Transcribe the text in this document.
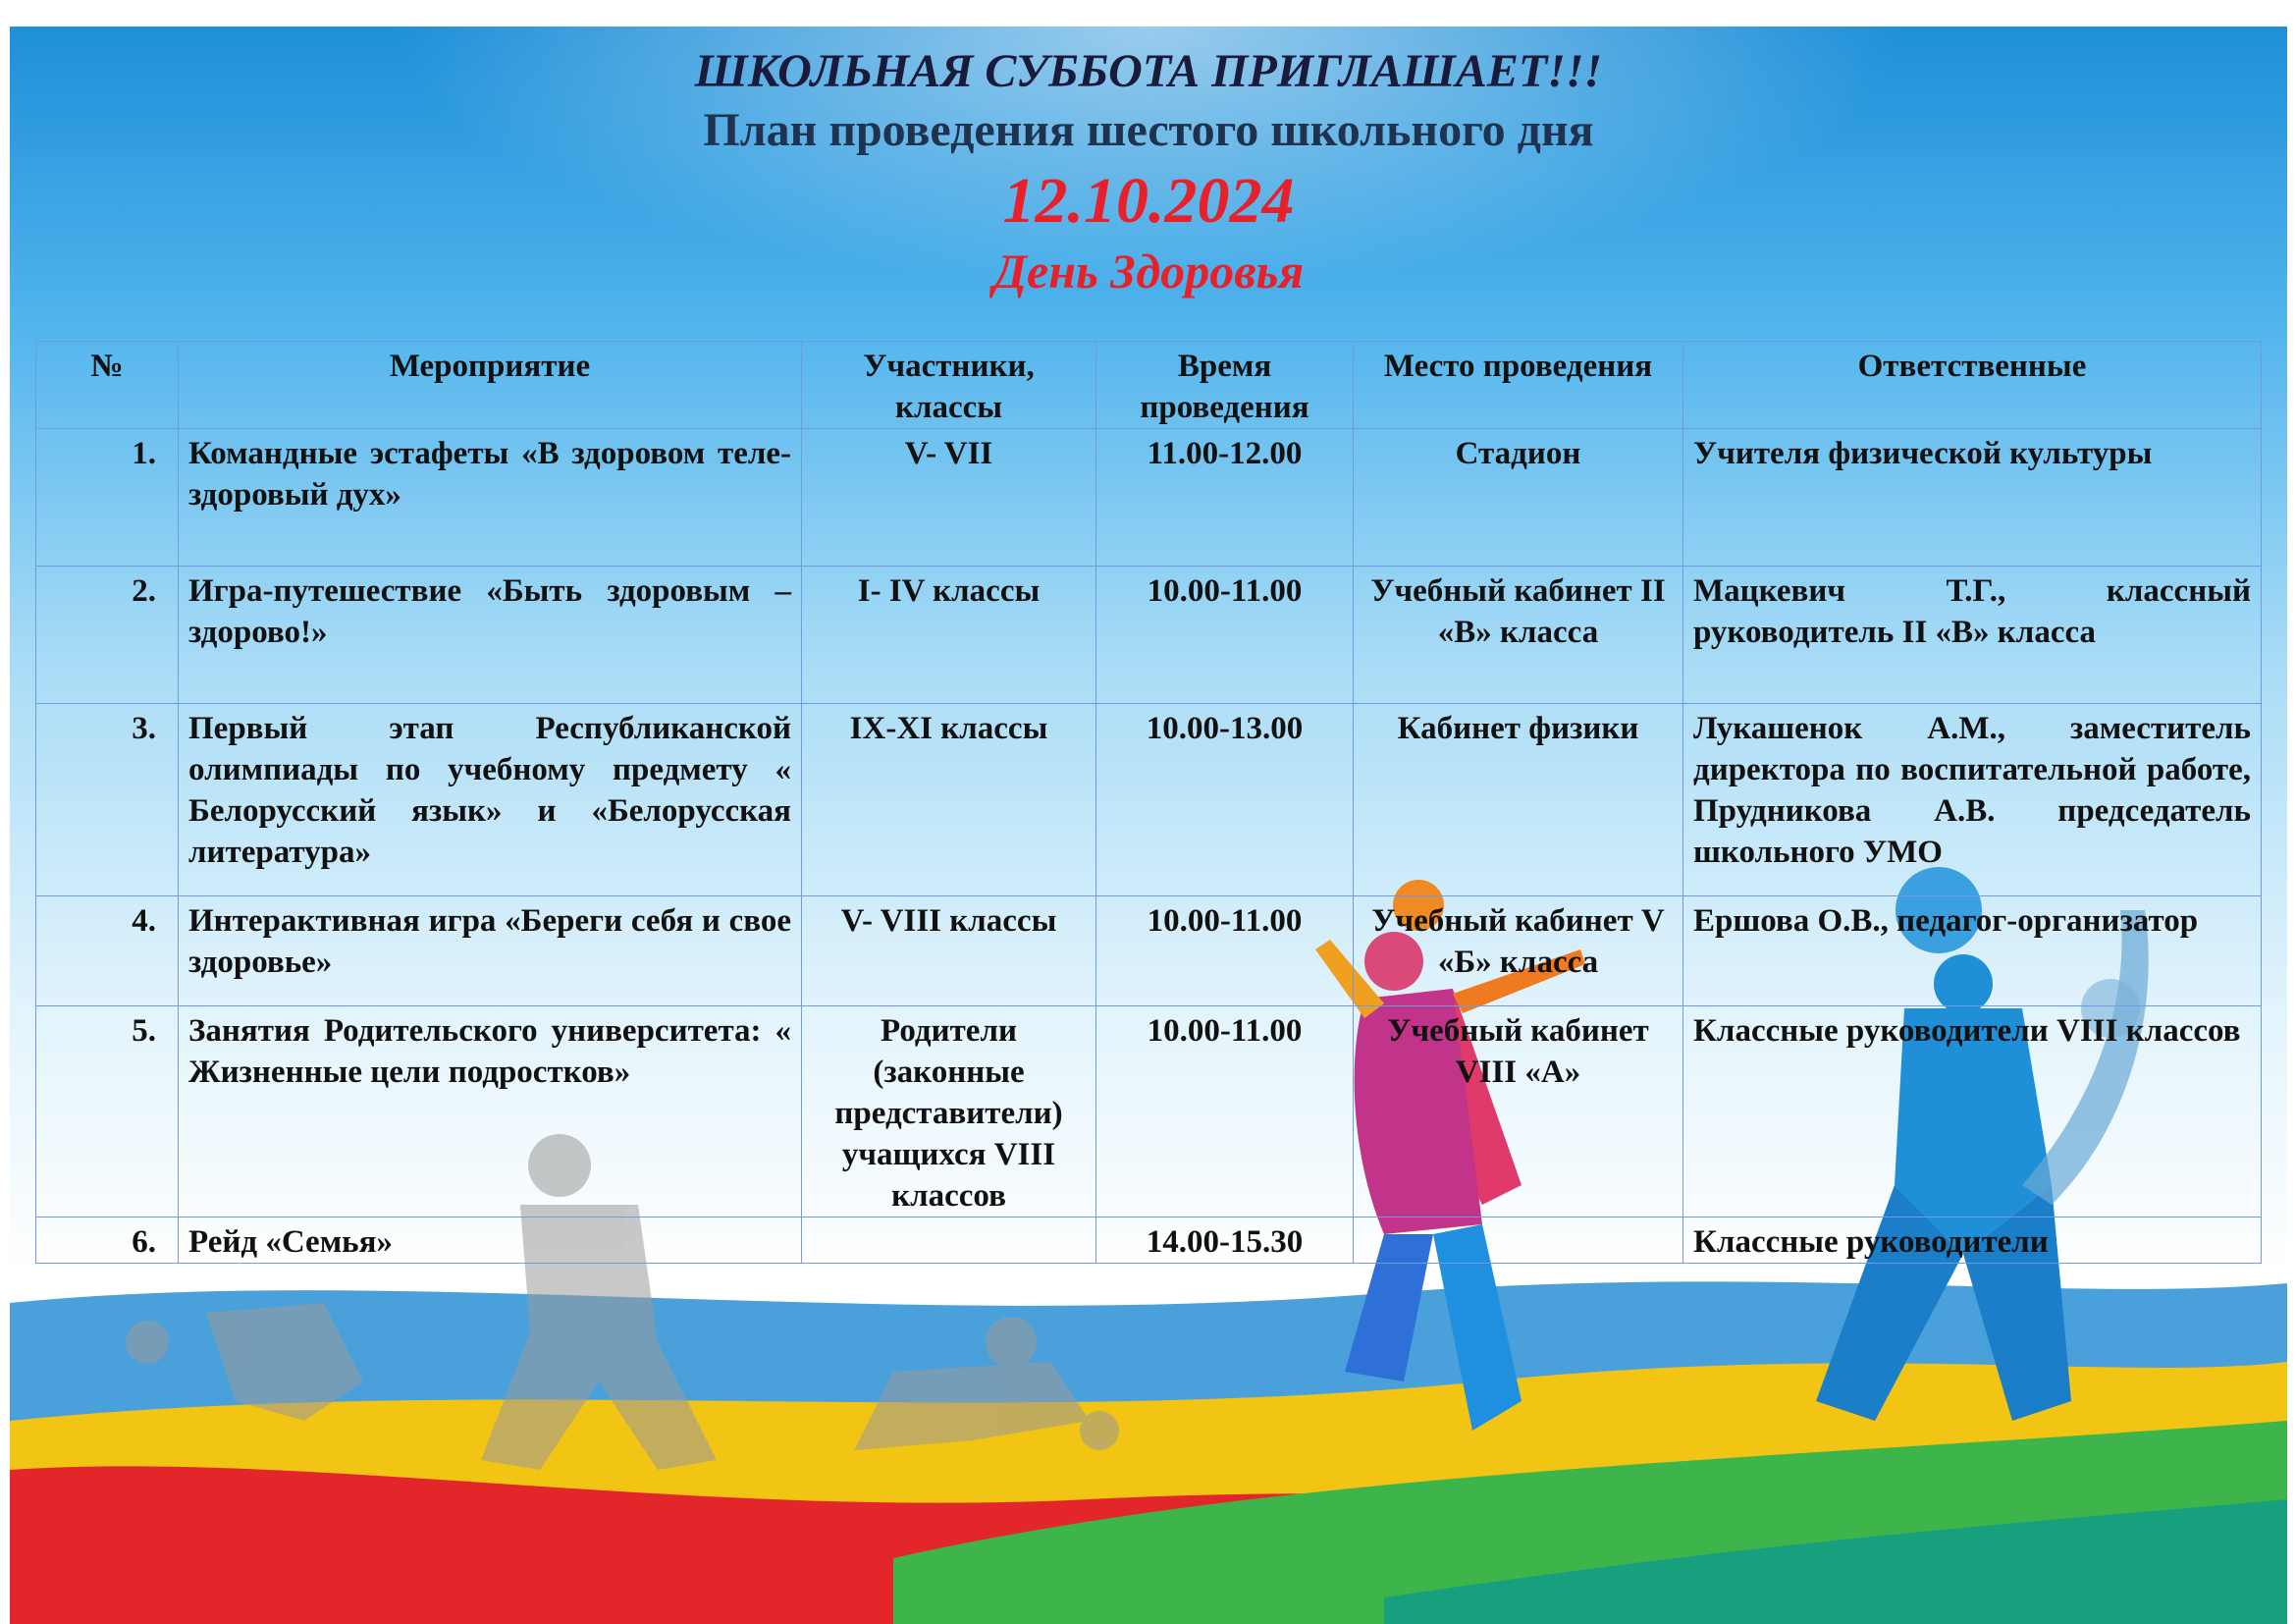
ШКОЛЬНАЯ СУББОТА ПРИГЛАШАЕТ!!!
План проведения шестого школьного дня
12.10.2024
День Здоровья
№	Мероприятие	Участники, классы	Время проведения	Место проведения	Ответственные
1.	Командные эстафеты «В здоровом теле-здоровый дух»	V- VII	11.00-12.00	Стадион	Учителя физической культуры
2.	Игра-путешествие «Быть здоровым – здорово!»	I- IV классы	10.00-11.00	Учебный кабинет II «В» класса	Мацкевич Т.Г., классный руководитель II «В» класса
3.	Первый этап Республиканской олимпиады по учебному предмету « Белорусский язык» и «Белорусская литература»	IX-XI классы	10.00-13.00	Кабинет физики	Лукашенок А.М., заместитель директора по воспитательной работе, Прудникова А.В. председатель школьного УМО
4.	Интерактивная игра «Береги себя и свое здоровье»	V- VIII классы	10.00-11.00	Учебный кабинет V «Б» класса	Ершова О.В., педагог-организатор
5.	Занятия Родительского университета: « Жизненные цели подростков»	Родители (законные представители) учащихся VIII классов	10.00-11.00	Учебный кабинет VIII «А»	Классные руководители VIII классов
6.	Рейд «Семья»		14.00-15.30		Классные руководители
